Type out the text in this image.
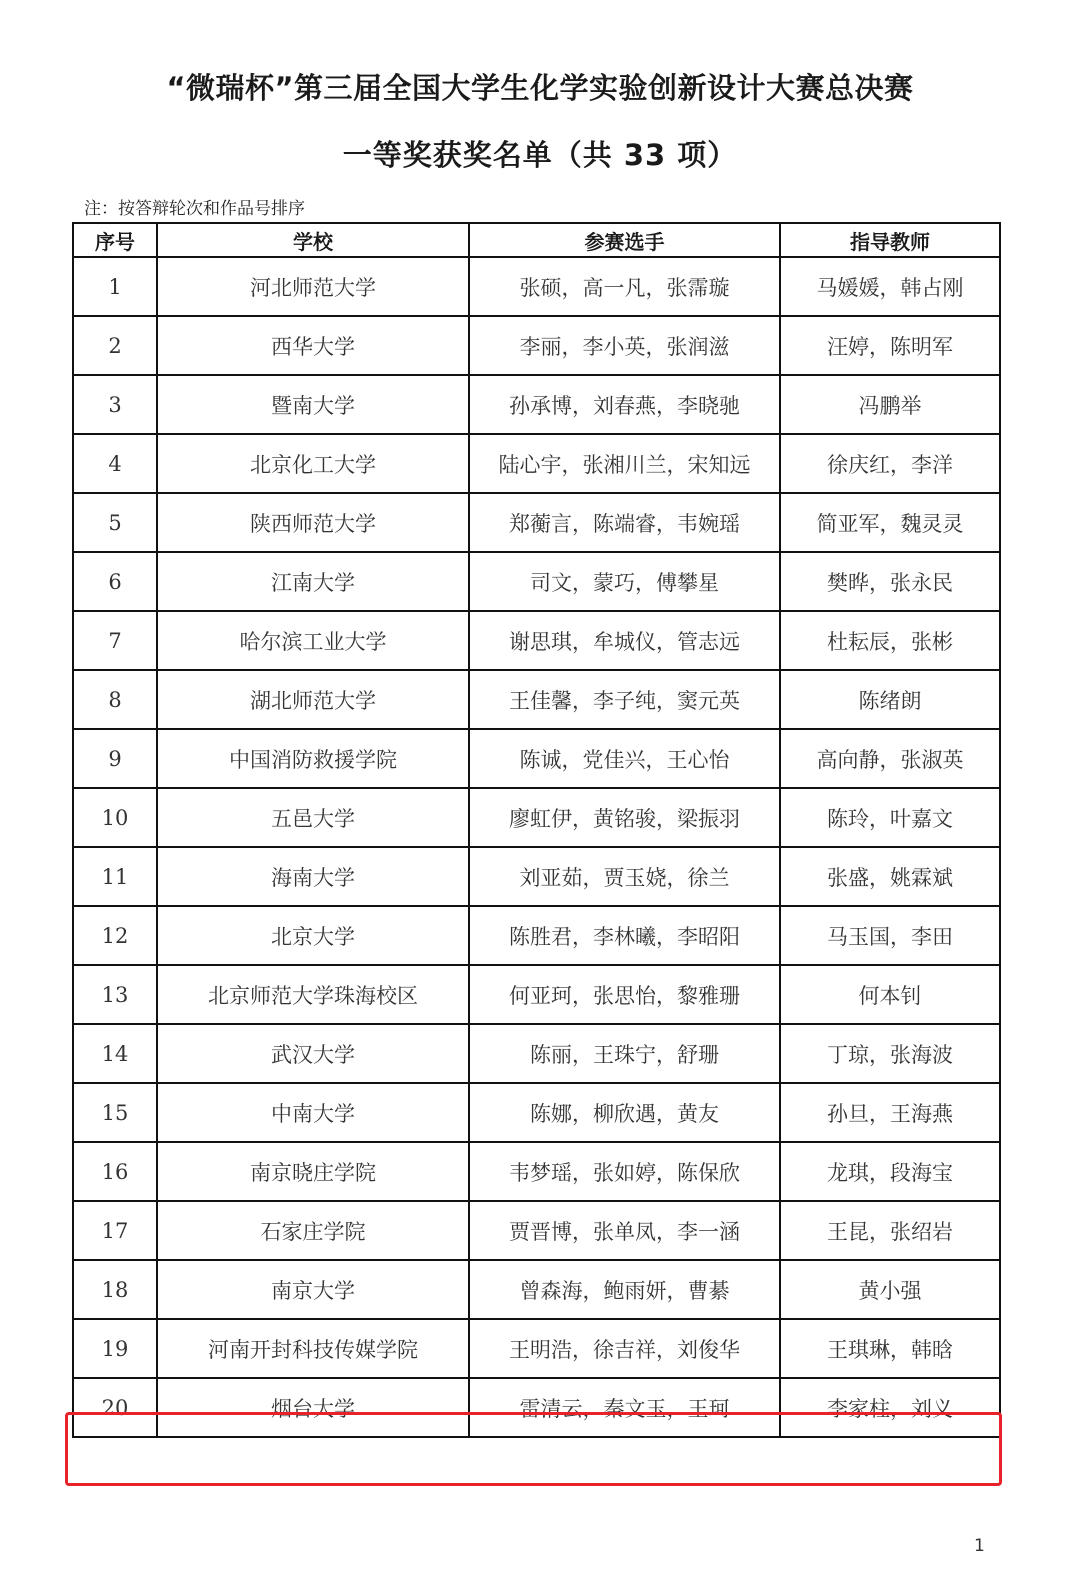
“微瑞杯”第三届全国大学生化学实验创新设计大赛总决赛
一等奖获奖名单（共 33 项）
注：按答辩轮次和作品号排序
序号	学校	参赛选手	指导教师
1	河北师范大学	张硕，高一凡，张霈璇	马媛媛，韩占刚
2	西华大学	李丽，李小英，张润滋	汪婷，陈明军
3	暨南大学	孙承博，刘春燕，李晓驰	冯鹏举
4	北京化工大学	陆心宇，张湘川兰，宋知远	徐庆红，李洋
5	陕西师范大学	郑蘅言，陈端睿，韦婉瑶	简亚军，魏灵灵
6	江南大学	司文，蒙巧，傅攀星	樊晔，张永民
7	哈尔滨工业大学	谢思琪，牟城仪，管志远	杜耘辰，张彬
8	湖北师范大学	王佳馨，李子纯，窦元英	陈绪朗
9	中国消防救援学院	陈诚，党佳兴，王心怡	高向静，张淑英
10	五邑大学	廖虹伊，黄铭骏，梁振羽	陈玲，叶嘉文
11	海南大学	刘亚茹，贾玉娆，徐兰	张盛，姚霖斌
12	北京大学	陈胜君，李林曦，李昭阳	马玉国，李田
13	北京师范大学珠海校区	何亚珂，张思怡，黎雅珊	何本钊
14	武汉大学	陈丽，王珠宁，舒珊	丁琼，张海波
15	中南大学	陈娜，柳欣遇，黄友	孙旦，王海燕
16	南京晓庄学院	韦梦瑶，张如婷，陈保欣	龙琪，段海宝
17	石家庄学院	贾晋博，张单凤，李一涵	王昆，张绍岩
18	南京大学	曾森海，鲍雨妍，曹綦	黄小强
19	河南开封科技传媒学院	王明浩，徐吉祥，刘俊华	王琪琳，韩晗
20	烟台大学	雷清云，秦文玉，王珂	李家柱，刘义
1
